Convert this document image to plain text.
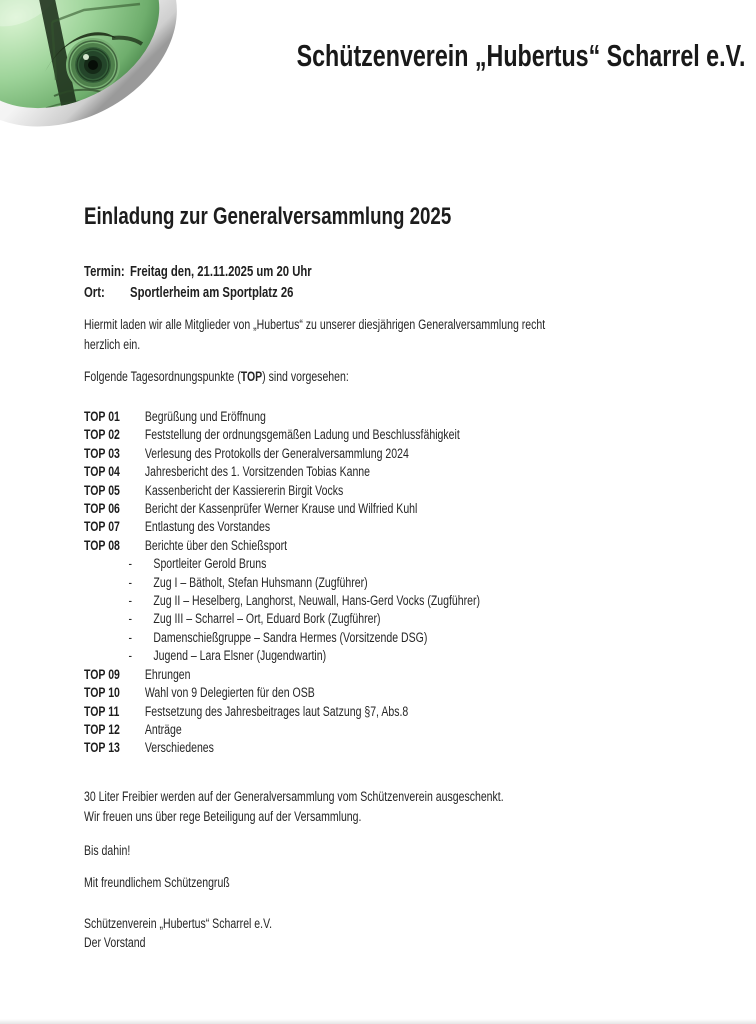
Schützenverein „Hubertus“ Scharrel e.V.
Einladung zur Generalversammlung 2025
Termin: Freitag den, 21.11.2025 um 20 Uhr
Ort: Sportlerheim am Sportplatz 26
Hiermit laden wir alle Mitglieder von „Hubertus“ zu unserer diesjährigen Generalversammlung recht
herzlich ein.
Folgende Tagesordnungspunkte (TOP) sind vorgesehen:
TOP 01 Begrüßung und Eröffnung
TOP 02 Feststellung der ordnungsgemäßen Ladung und Beschlussfähigkeit
TOP 03 Verlesung des Protokolls der Generalversammlung 2024
TOP 04 Jahresbericht des 1. Vorsitzenden Tobias Kanne
TOP 05 Kassenbericht der Kassiererin Birgit Vocks
TOP 06 Bericht der Kassenprüfer Werner Krause und Wilfried Kuhl
TOP 07 Entlastung des Vorstandes
TOP 08 Berichte über den Schießsport
- Sportleiter Gerold Bruns
- Zug I – Bätholt, Stefan Huhsmann (Zugführer)
- Zug II – Heselberg, Langhorst, Neuwall, Hans-Gerd Vocks (Zugführer)
- Zug III – Scharrel – Ort, Eduard Bork (Zugführer)
- Damenschießgruppe – Sandra Hermes (Vorsitzende DSG)
- Jugend – Lara Elsner (Jugendwartin)
TOP 09 Ehrungen
TOP 10 Wahl von 9 Delegierten für den OSB
TOP 11 Festsetzung des Jahresbeitrages laut Satzung §7, Abs.8
TOP 12 Anträge
TOP 13 Verschiedenes
30 Liter Freibier werden auf der Generalversammlung vom Schützenverein ausgeschenkt.
Wir freuen uns über rege Beteiligung auf der Versammlung.
Bis dahin!
Mit freundlichem Schützengruß
Schützenverein „Hubertus“ Scharrel e.V.
Der Vorstand
